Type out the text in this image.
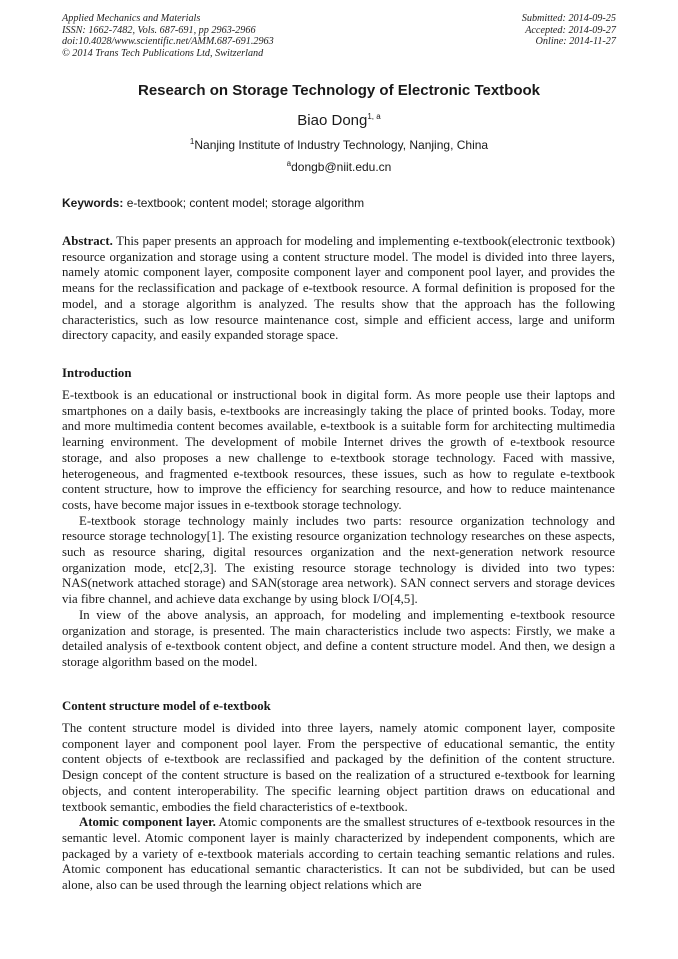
Applied Mechanics and Materials
ISSN: 1662-7482, Vols. 687-691, pp 2963-2966
doi:10.4028/www.scientific.net/AMM.687-691.2963
© 2014 Trans Tech Publications Ltd, Switzerland
Submitted: 2014-09-25
Accepted: 2014-09-27
Online: 2014-11-27
Research on Storage Technology of Electronic Textbook
Biao Dong$^{1, a}$
$^1$Nanjing Institute of Industry Technology, Nanjing, China
$^a$dongb@niit.edu.cn
Keywords: e-textbook; content model; storage algorithm

Abstract. This paper presents an approach for modeling and implementing e-textbook(electronic textbook) resource organization and storage using a content structure model. The model is divided into three layers, namely atomic component layer, composite component layer and component pool layer, and provides the means for the reclassification and package of e-textbook resource. A formal definition is proposed for the model, and a storage algorithm is analyzed. The results show that the approach has the following characteristics, such as low resource maintenance cost, simple and efficient access, large and uniform directory capacity, and easily expanded storage space.

Introduction

E-textbook is an educational or instructional book in digital form. As more people use their laptops and smartphones on a daily basis, e-textbooks are increasingly taking the place of printed books. Today, more and more multimedia content becomes available, e-textbook is a suitable form for architecting multimedia learning environment. The development of mobile Internet drives the growth of e-textbook resource storage, and also proposes a new challenge to e-textbook storage technology. Faced with massive, heterogeneous, and fragmented e-textbook resources, these issues, such as how to regulate e-textbook content structure, how to improve the efficiency for searching resource, and how to reduce maintenance costs, have become major issues in e-textbook storage technology.

E-textbook storage technology mainly includes two parts: resource organization technology and resource storage technology[1]. The existing resource organization technology researches on these aspects, such as resource sharing, digital resources organization and the next-generation network resource organization mode, etc[2,3]. The existing resource storage technology is divided into two types: NAS(network attached storage) and SAN(storage area network). SAN connect servers and storage devices via fibre channel, and achieve data exchange by using block I/O[4,5].

In view of the above analysis, an approach, for modeling and implementing e-textbook resource organization and storage, is presented. The main characteristics include two aspects: Firstly, we make a detailed analysis of e-textbook content object, and define a content structure model. And then, we design a storage algorithm based on the model.

Content structure model of e-textbook

The content structure model is divided into three layers, namely atomic component layer, composite component layer and component pool layer. From the perspective of educational semantic, the entity content objects of e-textbook are reclassified and packaged by the definition of the content structure. Design concept of the content structure is based on the realization of a structured e-textbook for learning objects, and content interoperability. The specific learning object partition draws on educational and textbook semantic, embodies the field characteristics of e-textbook.

Atomic component layer. Atomic components are the smallest structures of e-textbook resources in the semantic level. Atomic component layer is mainly characterized by independent components, which are packaged by a variety of e-textbook materials according to certain teaching semantic relations and rules. Atomic component has educational semantic characteristics. It can not be subdivided, but can be used alone, also can be used through the learning object relations which are
